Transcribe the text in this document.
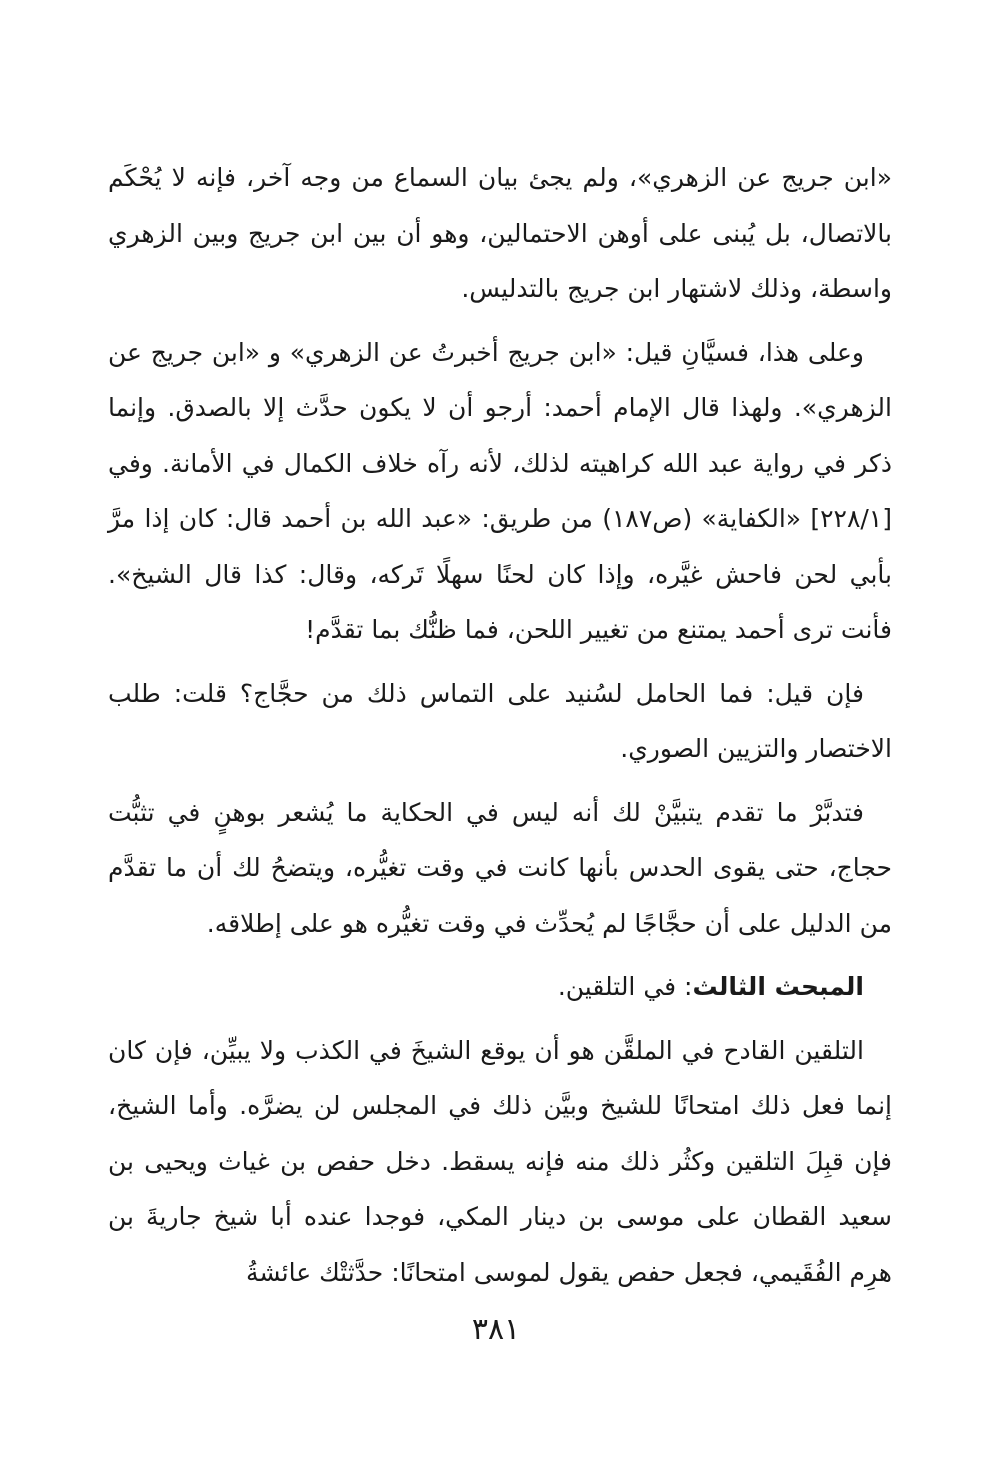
«ابن جريج عن الزهري»، ولم يجئ بيان السماع من وجه آخر، فإنه لا يُحْكَم بالاتصال، بل يُبنى على أوهن الاحتمالين، وهو أن بين ابن جريج وبين الزهري واسطة، وذلك لاشتهار ابن جريج بالتدليس.

وعلى هذا، فسيَّانِ قيل: «ابن جريج أخبرتُ عن الزهري» و «ابن جريج عن الزهري». ولهذا قال الإمام أحمد: أرجو أن لا يكون حدَّث إلا بالصدق. وإنما ذكر في رواية عبد الله كراهيته لذلك، لأنه رآه خلاف الكمال في الأمانة. وفي [٢٢٨/١] «الكفاية» (ص١٨٧) من طريق: «عبد الله بن أحمد قال: كان إذا مرَّ بأبي لحن فاحش غيَّره، وإذا كان لحنًا سهلًا تَركه، وقال: كذا قال الشيخ». فأنت ترى أحمد يمتنع من تغيير اللحن، فما ظنُّك بما تقدَّم!

فإن قيل: فما الحامل لسُنيد على التماس ذلك من حجَّاج؟ قلت: طلب الاختصار والتزيين الصوري.

فتدبَّرْ ما تقدم يتبيَّنْ لك أنه ليس في الحكاية ما يُشعر بوهنٍ في تثبُّت حجاج، حتى يقوى الحدس بأنها كانت في وقت تغيُّره، ويتضحُ لك أن ما تقدَّم من الدليل على أن حجَّاجًا لم يُحدِّث في وقت تغيُّره هو على إطلاقه.

المبحث الثالث: في التلقين.

التلقين القادح في الملقَّن هو أن يوقع الشيخَ في الكذب ولا يبيِّن، فإن كان إنما فعل ذلك امتحانًا للشيخ وبيَّن ذلك في المجلس لن يضرَّه. وأما الشيخ، فإن قبِلَ التلقين وكثُر ذلك منه فإنه يسقط. دخل حفص بن غياث ويحيى بن سعيد القطان على موسى بن دينار المكي، فوجدا عنده أبا شيخ جاريةَ بن هرِم الفُقَيمي، فجعل حفص يقول لموسى امتحانًا: حدَّثتْك عائشةُ

٣٨١
